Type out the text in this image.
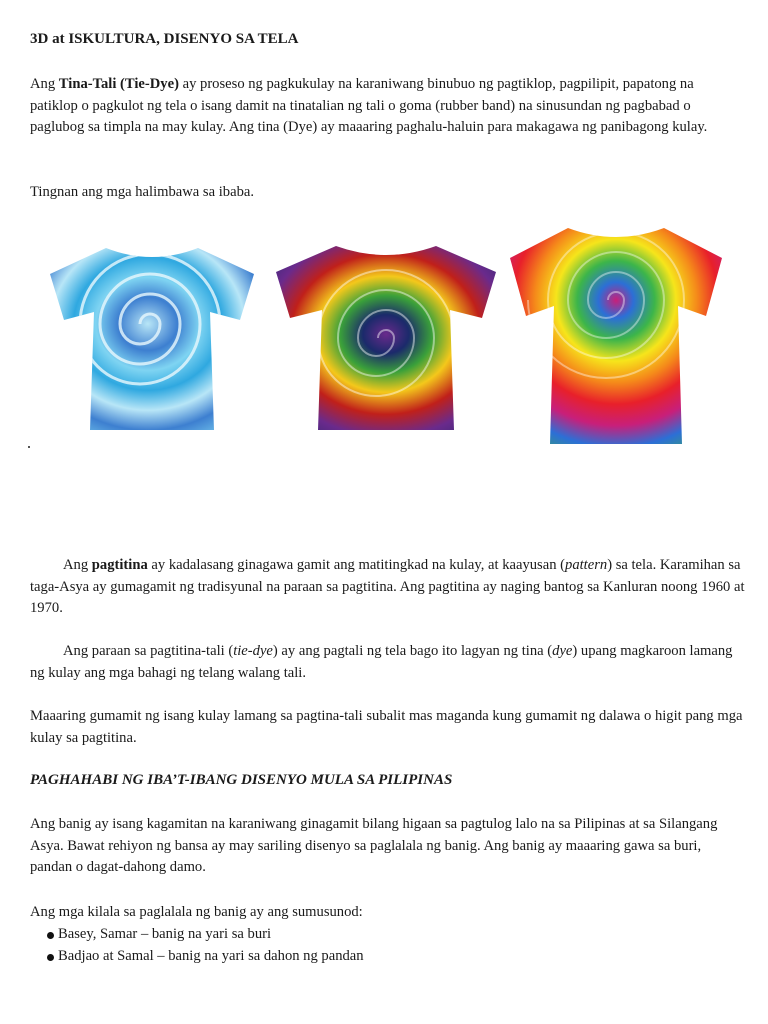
3D at ISKULTURA, DISENYO SA TELA
Ang Tina-Tali (Tie-Dye) ay proseso ng pagkukulay na karaniwang binubuo ng pagtiklop, pagpilipit, papatong na patiklop o pagkulot ng tela o isang damit na tinatalian ng tali o goma (rubber band) na sinusundan ng pagbabad o paglubog sa timpla na may kulay. Ang tina (Dye) ay maaaring paghalu-haluin para makagawa ng panibagong kulay.
Tingnan ang mga halimbawa sa ibaba.
Ang pagtitina ay kadalasang ginagawa gamit ang matitingkad na kulay, at kaayusan (pattern) sa tela. Karamihan sa taga-Asya ay gumagamit ng tradisyunal na paraan sa pagtitina. Ang pagtitina ay naging bantog sa Kanluran noong 1960 at 1970.
Ang paraan sa pagtitina-tali (tie-dye) ay ang pagtali ng tela bago ito lagyan ng tina (dye) upang magkaroon lamang ng kulay ang mga bahagi ng telang walang tali.
Maaaring gumamit ng isang kulay lamang sa pagtina-tali subalit mas maganda kung gumamit ng dalawa o higit pang mga kulay sa pagtitina.
PAGHAHABI NG IBA’T-IBANG DISENYO MULA SA PILIPINAS
Ang banig ay isang kagamitan na karaniwang ginagamit bilang higaan sa pagtulog lalo na sa Pilipinas at sa Silangang Asya. Bawat rehiyon ng bansa ay may sariling disenyo sa paglalala ng banig. Ang banig ay maaaring gawa sa buri, pandan o dagat-dahong damo.
Ang mga kilala sa paglalala ng banig ay ang sumusunod:
Basey, Samar – banig na yari sa buri
Badjao at Samal – banig na yari sa dahon ng pandan
